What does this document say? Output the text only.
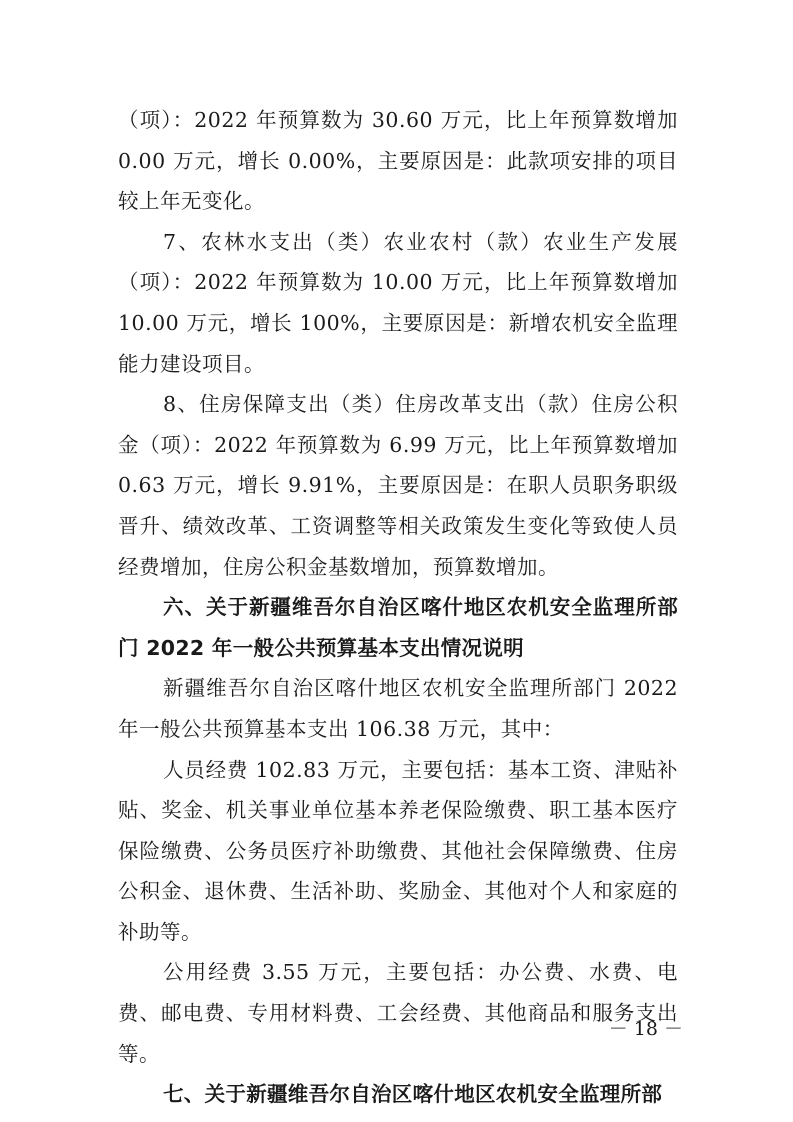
（项）：2022 年预算数为 30.60 万元，比上年预算数增加 0.00 万元，增长 0.00%，主要原因是：此款项安排的项目较上年无变化。

7、农林水支出（类）农业农村（款）农业生产发展（项）：2022 年预算数为 10.00 万元，比上年预算数增加 10.00 万元，增长 100%，主要原因是：新增农机安全监理能力建设项目。

8、住房保障支出（类）住房改革支出（款）住房公积金（项）：2022 年预算数为 6.99 万元，比上年预算数增加 0.63 万元，增长 9.91%，主要原因是：在职人员职务职级晋升、绩效改革、工资调整等相关政策发生变化等致使人员经费增加，住房公积金基数增加，预算数增加。

六、关于新疆维吾尔自治区喀什地区农机安全监理所部门 2022 年一般公共预算基本支出情况说明

新疆维吾尔自治区喀什地区农机安全监理所部门 2022 年一般公共预算基本支出 106.38 万元，其中：

人员经费 102.83 万元，主要包括：基本工资、津贴补贴、奖金、机关事业单位基本养老保险缴费、职工基本医疗保险缴费、公务员医疗补助缴费、其他社会保障缴费、住房公积金、退休费、生活补助、奖励金、其他对个人和家庭的补助等。

公用经费 3.55 万元，主要包括：办公费、水费、电费、邮电费、专用材料费、工会经费、其他商品和服务支出等。

七、关于新疆维吾尔自治区喀什地区农机安全监理所部

－ 18 －
